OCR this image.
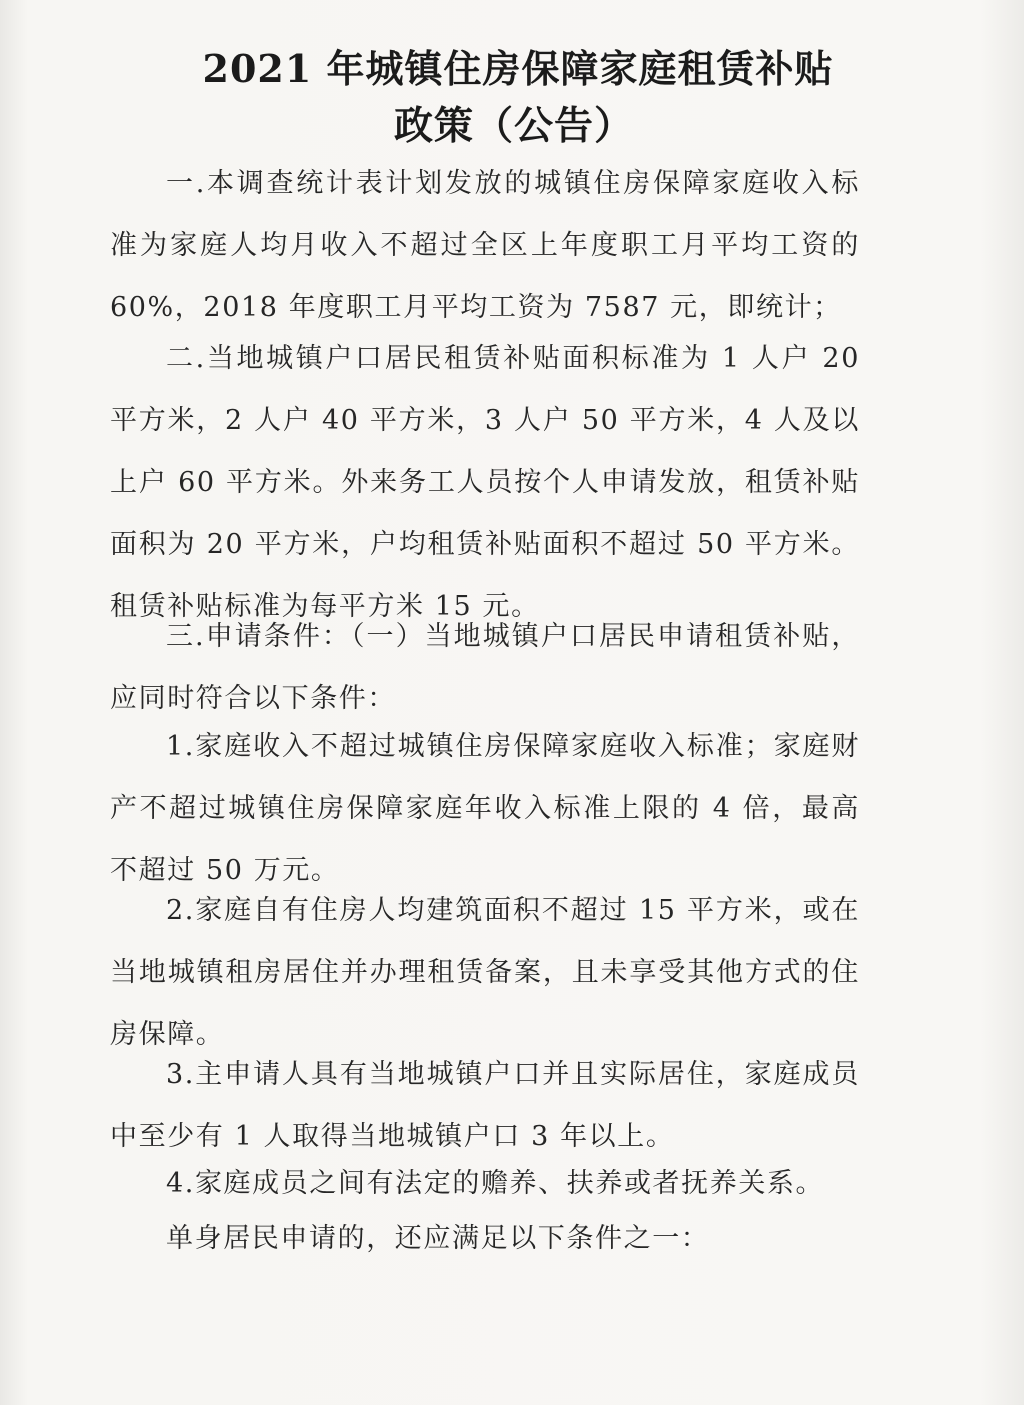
2021 年城镇住房保障家庭租赁补贴
政策（公告）

一.本调查统计表计划发放的城镇住房保障家庭收入标准为家庭人均月收入不超过全区上年度职工月平均工资的 60%，2018 年度职工月平均工资为 7587 元，即统计；

二.当地城镇户口居民租赁补贴面积标准为 1 人户 20 平方米，2 人户 40 平方米，3 人户 50 平方米，4 人及以上户 60 平方米。外来务工人员按个人申请发放，租赁补贴面积为 20 平方米，户均租赁补贴面积不超过 50 平方米。租赁补贴标准为每平方米 15 元。

三.申请条件：（一）当地城镇户口居民申请租赁补贴，应同时符合以下条件：

1.家庭收入不超过城镇住房保障家庭收入标准；家庭财产不超过城镇住房保障家庭年收入标准上限的 4 倍，最高不超过 50 万元。

2.家庭自有住房人均建筑面积不超过 15 平方米，或在当地城镇租房居住并办理租赁备案，且未享受其他方式的住房保障。

3.主申请人具有当地城镇户口并且实际居住，家庭成员中至少有 1 人取得当地城镇户口 3 年以上。

4.家庭成员之间有法定的赡养、扶养或者抚养关系。

单身居民申请的，还应满足以下条件之一：
